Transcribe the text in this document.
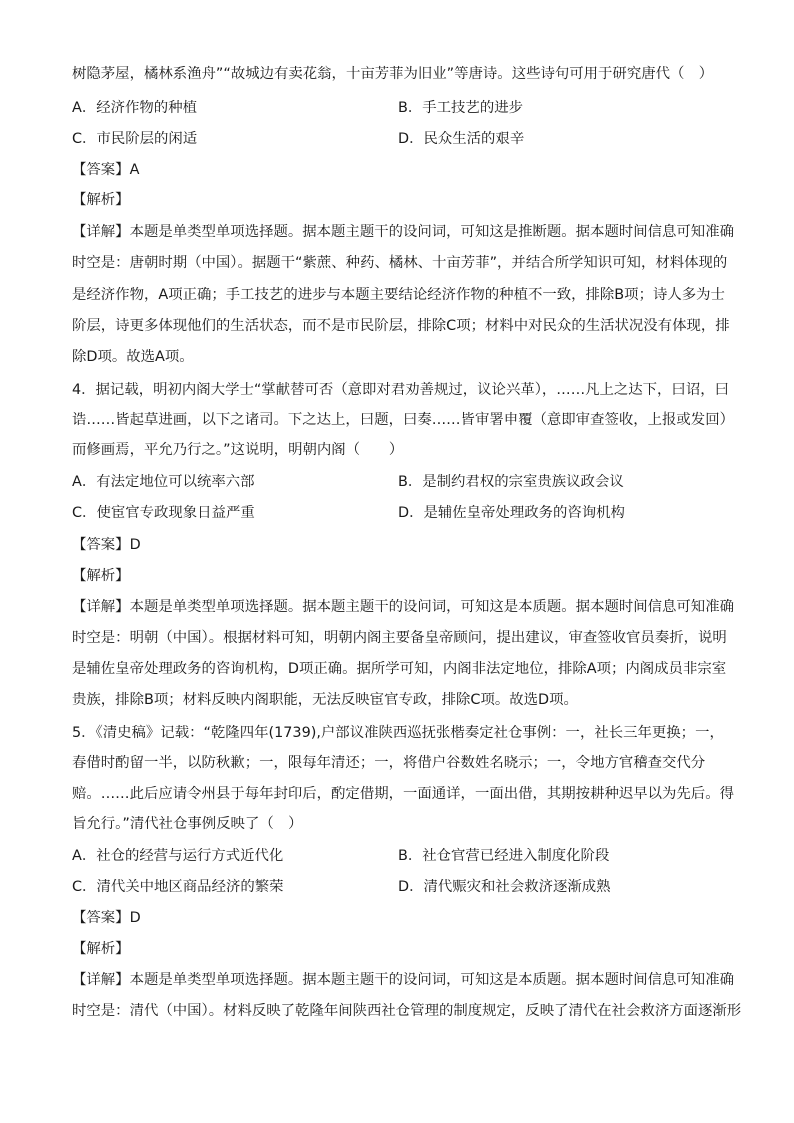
树隐茅屋，橘林系渔舟”“故城边有卖花翁，十亩芳菲为旧业”等唐诗。这些诗句可用于研究唐代（　）
A．经济作物的种植	B．手工技艺的进步
C．市民阶层的闲适	D．民众生活的艰辛
【答案】A
【解析】
【详解】本题是单类型单项选择题。据本题主题干的设问词，可知这是推断题。据本题时间信息可知准确
时空是：唐朝时期（中国）。据题干“紫蔗、种药、橘林、十亩芳菲”，并结合所学知识可知，材料体现的
是经济作物，A项正确；手工技艺的进步与本题主要结论经济作物的种植不一致，排除B项；诗人多为士
阶层，诗更多体现他们的生活状态，而不是市民阶层，排除C项；材料中对民众的生活状况没有体现，排
除D项。故选A项。
4．据记载，明初内阁大学士“掌献替可否（意即对君劝善规过，议论兴革），……凡上之达下，曰诏，曰
诰……皆起草进画，以下之诸司。下之达上，曰题，曰奏……皆审署申覆（意即审查签收，上报或发回）
而修画焉，平允乃行之。”这说明，明朝内阁（　　）
A．有法定地位可以统率六部	B．是制约君权的宗室贵族议政会议
C．使宦官专政现象日益严重	D．是辅佐皇帝处理政务的咨询机构
【答案】D
【解析】
【详解】本题是单类型单项选择题。据本题主题干的设问词，可知这是本质题。据本题时间信息可知准确
时空是：明朝（中国）。根据材料可知，明朝内阁主要备皇帝顾问，提出建议，审查签收官员奏折，说明
是辅佐皇帝处理政务的咨询机构，D项正确。据所学可知，内阁非法定地位，排除A项；内阁成员非宗室
贵族，排除B项；材料反映内阁职能，无法反映宦官专政，排除C项。故选D项。
5．《清史稿》记载：“乾隆四年(1739),户部议准陕西巡抚张楷奏定社仓事例：一，社长三年更换；一，
春借时酌留一半，以防秋歉；一，限每年清还；一，将借户谷数姓名晓示；一，令地方官稽查交代分
赔。……此后应请令州县于每年封印后，酌定借期，一面通详，一面出借，其期按耕种迟早以为先后。得
旨允行。”清代社仓事例反映了（　）
A．社仓的经营与运行方式近代化	B．社仓官营已经进入制度化阶段
C．清代关中地区商品经济的繁荣	D．清代赈灾和社会救济逐渐成熟
【答案】D
【解析】
【详解】本题是单类型单项选择题。据本题主题干的设问词，可知这是本质题。据本题时间信息可知准确
时空是：清代（中国）。材料反映了乾隆年间陕西社仓管理的制度规定，反映了清代在社会救济方面逐渐形
